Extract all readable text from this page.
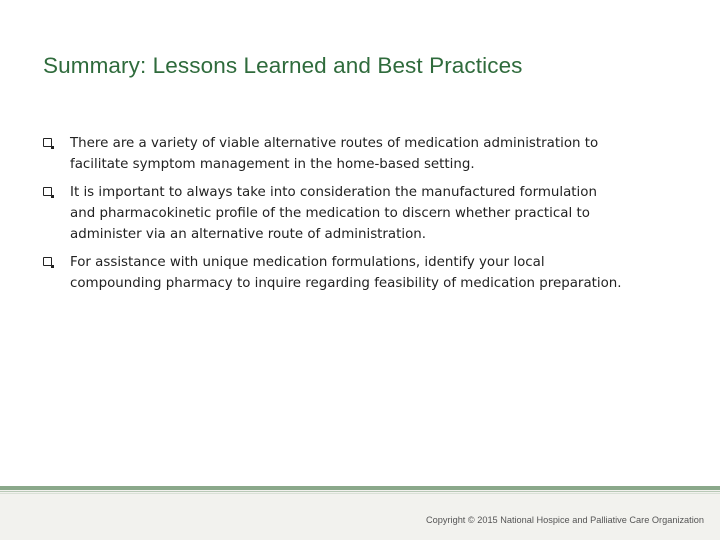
Summary: Lessons Learned and Best Practices
There are a variety of viable alternative routes of medication administration to
facilitate symptom management in the home-based setting.
It is important to always take into consideration the manufactured formulation
and pharmacokinetic profile of the medication to discern whether practical to
administer via an alternative route of administration.
For assistance with unique medication formulations, identify your local
compounding pharmacy to inquire regarding feasibility of medication preparation.
Copyright © 2015 National Hospice and Palliative Care Organization
